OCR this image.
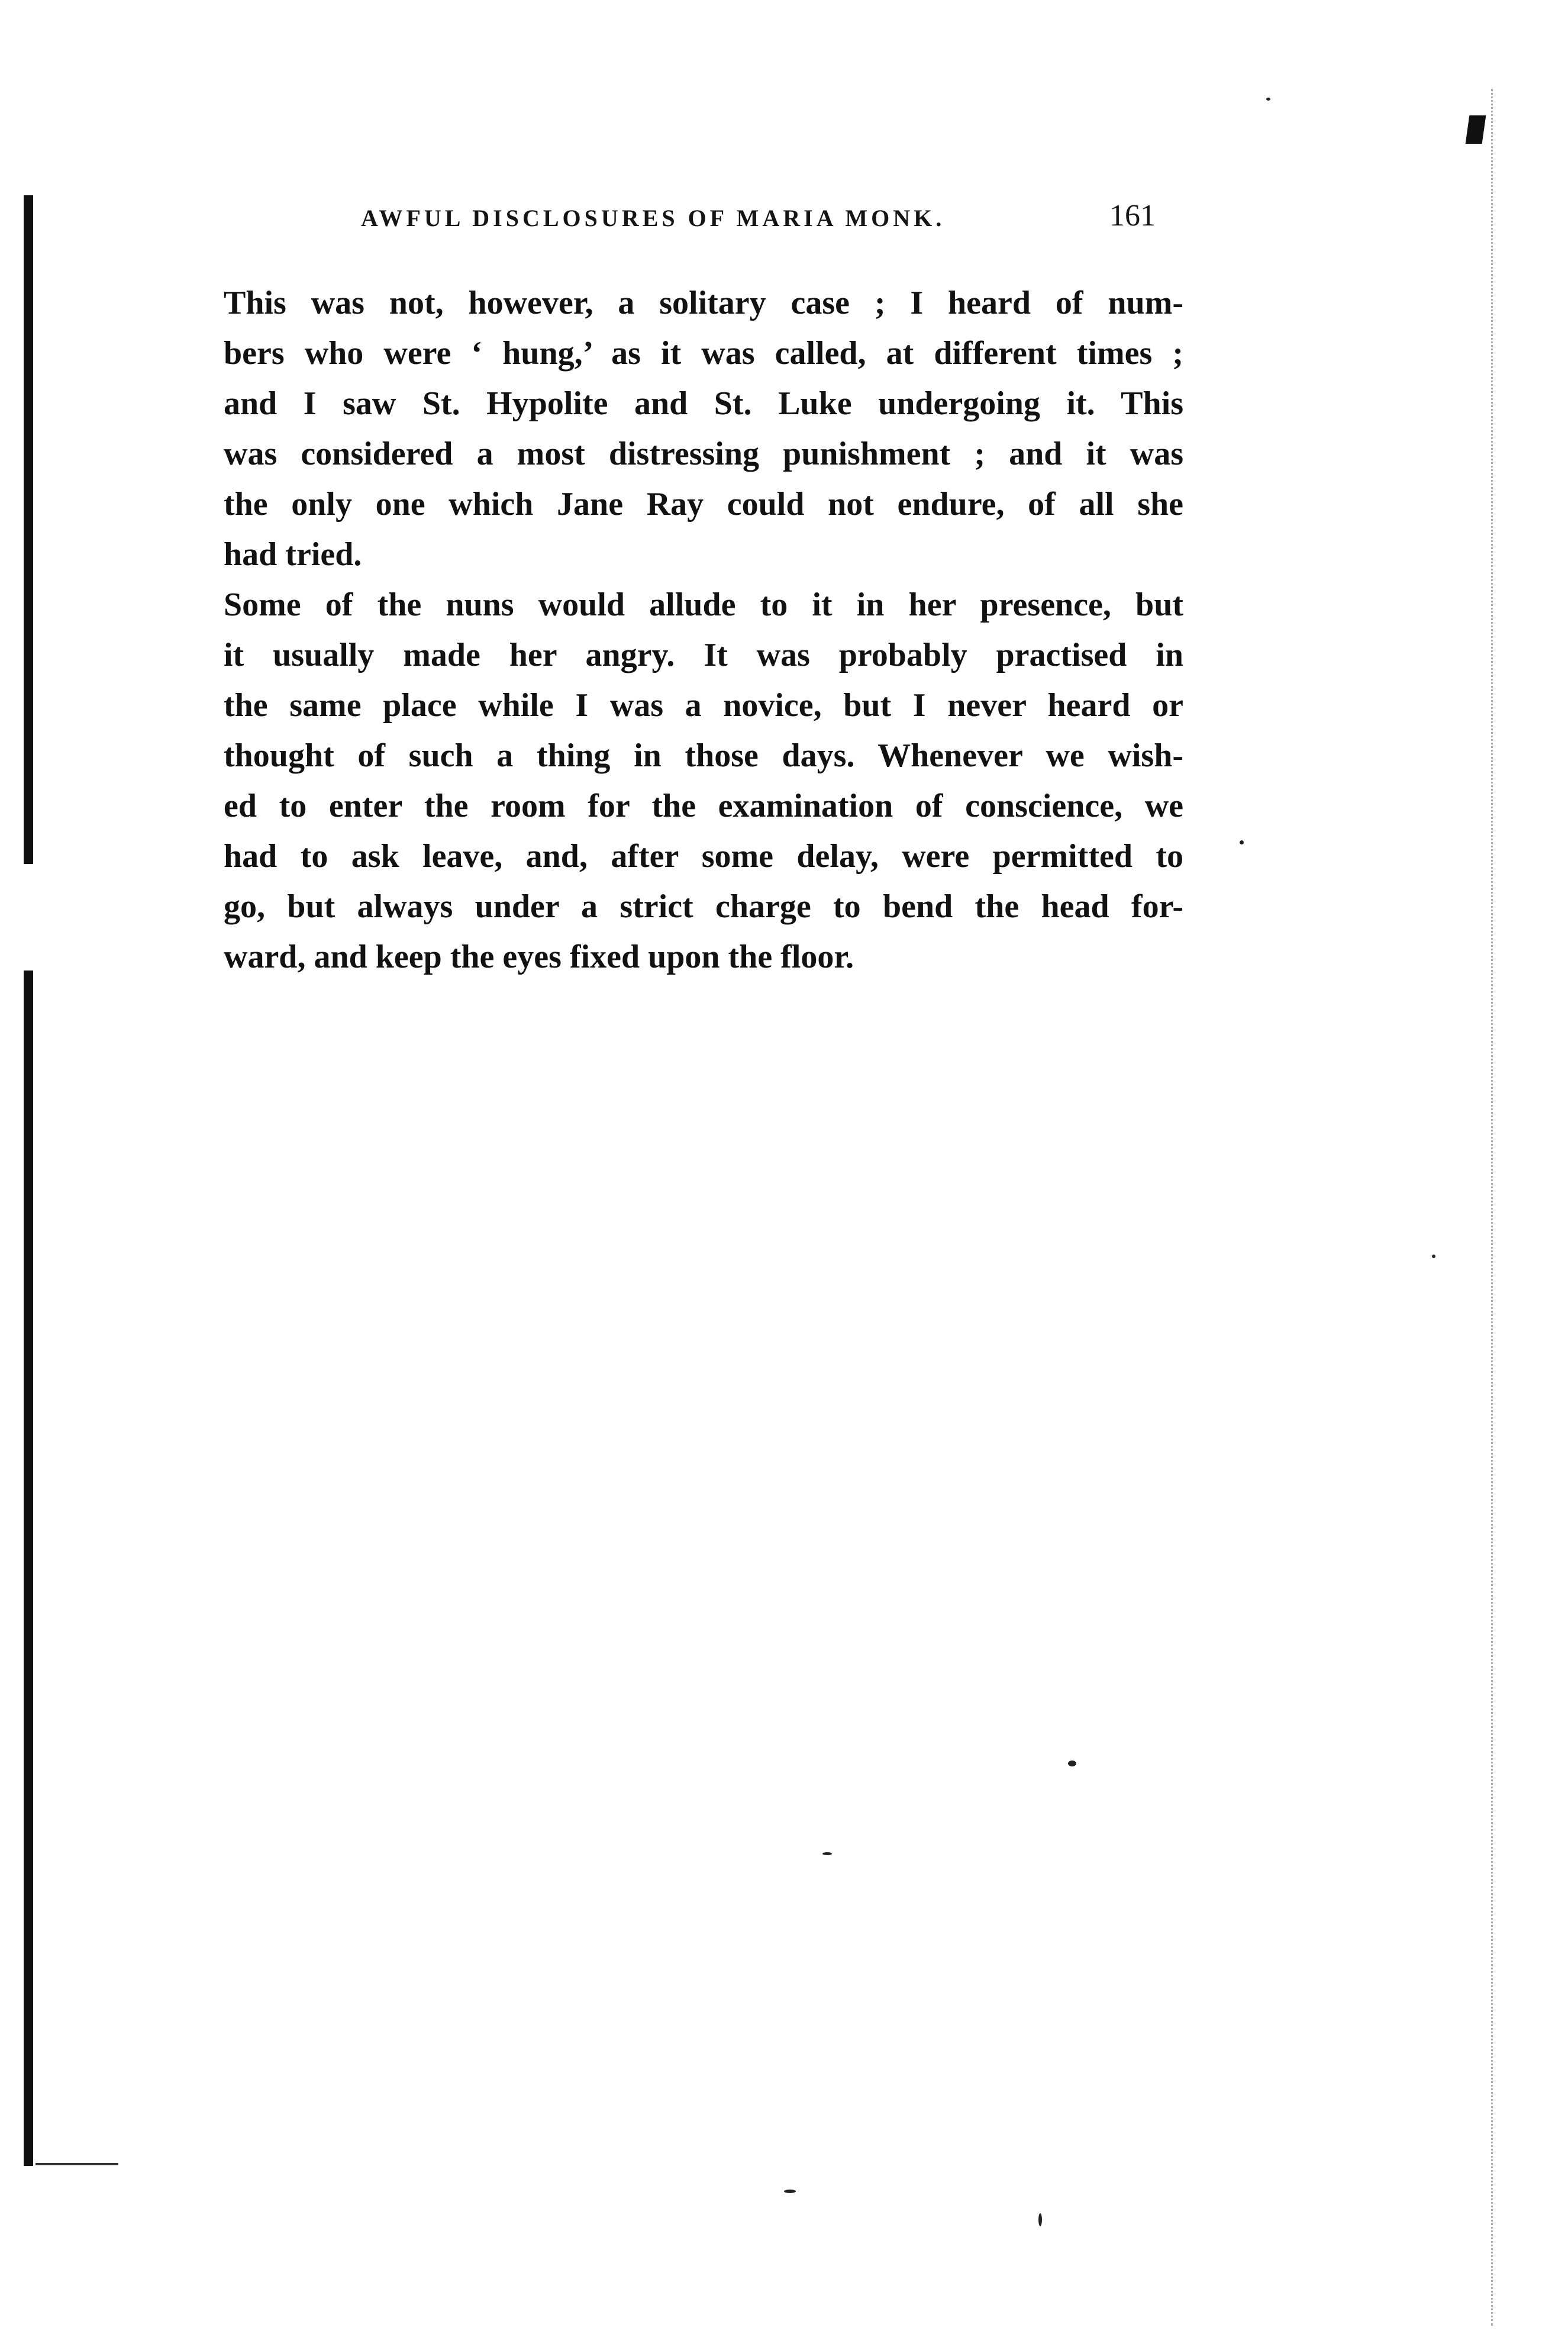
AWFUL DISCLOSURES OF MARIA MONK.	161
This was not, however, a solitary case ; I heard of num-
bers who were ‘ hung,’ as it was called, at different times ;
and I saw St. Hypolite and St. Luke undergoing it. This
was considered a most distressing punishment ; and it was
the only one which Jane Ray could not endure, of all she
had tried.
Some of the nuns would allude to it in her presence, but
it usually made her angry. It was probably practised in
the same place while I was a novice, but I never heard or
thought of such a thing in those days. Whenever we wish-
ed to enter the room for the examination of conscience, we
had to ask leave, and, after some delay, were permitted to
go, but always under a strict charge to bend the head for-
ward, and keep the eyes fixed upon the floor.
